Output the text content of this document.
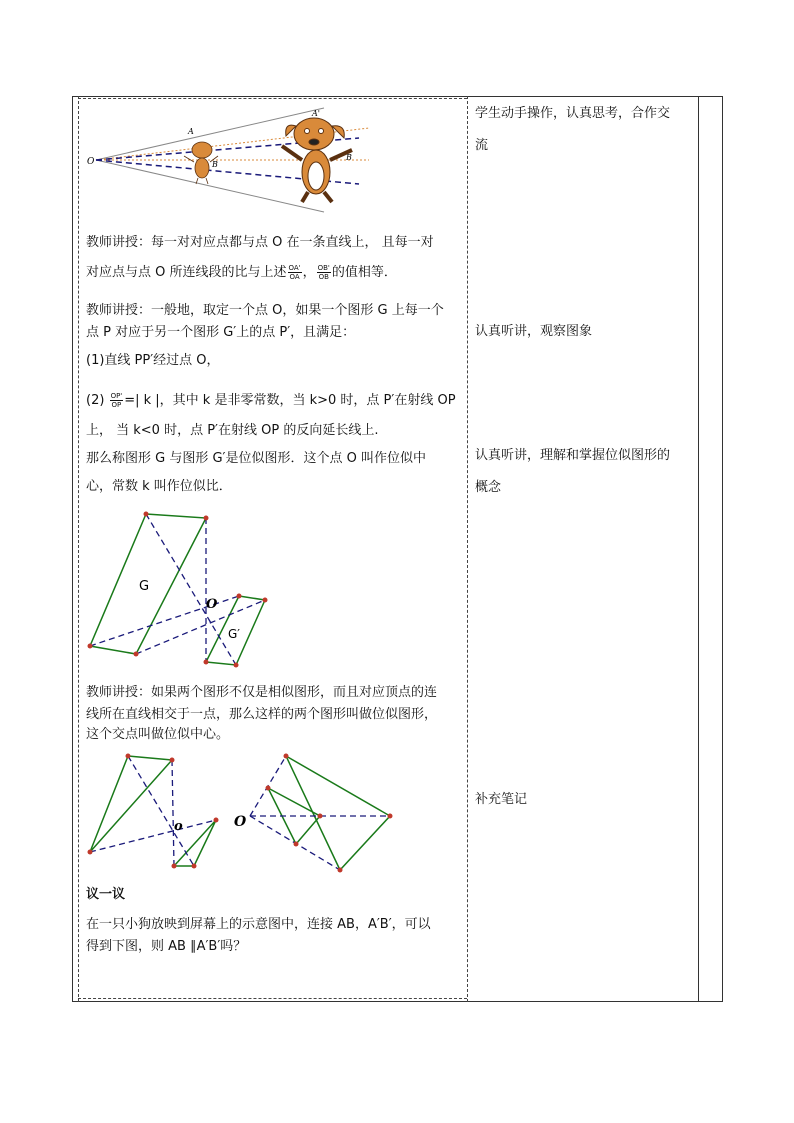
O
A
B
A'
B
教师讲授：每一对对应点都与点 O 在一条直线上， 且每一对
对应点与点 O 所连线段的比与上述 $\frac{OA'}{OA}$ ， $\frac{OB'}{OB}$ 的值相等．
教师讲授：一般地，取定一个点 O，如果一个图形 G 上每一个
点 P 对应于另一个图形 G′上的点 P′，且满足：
(1)直线 PP′经过点 O，
$(2) \frac{OP'}{OP}$ =| k |，其中 k 是非零常数，当 k>0 时，点 P′在射线 OP
上， 当 k<0 时，点 P′在射线 OP 的反向延长线上.
那么称图形 G 与图形 G′是位似图形．这个点 O 叫作位似中
心，常数 k 叫作位似比．
G
G′
O
教师讲授：如果两个图形不仅是相似图形，而且对应顶点的连
线所在直线相交于一点，那么这样的两个图形叫做位似图形，
这个交点叫做位似中心。
o	O
议一议
在一只小狗放映到屏幕上的示意图中，连接 AB，A′B′，可以
得到下图，则 AB ∥A′B′吗？
学生动手操作，认真思考，合作交
流
认真听讲，观察图象
认真听讲，理解和掌握位似图形的
概念
补充笔记
